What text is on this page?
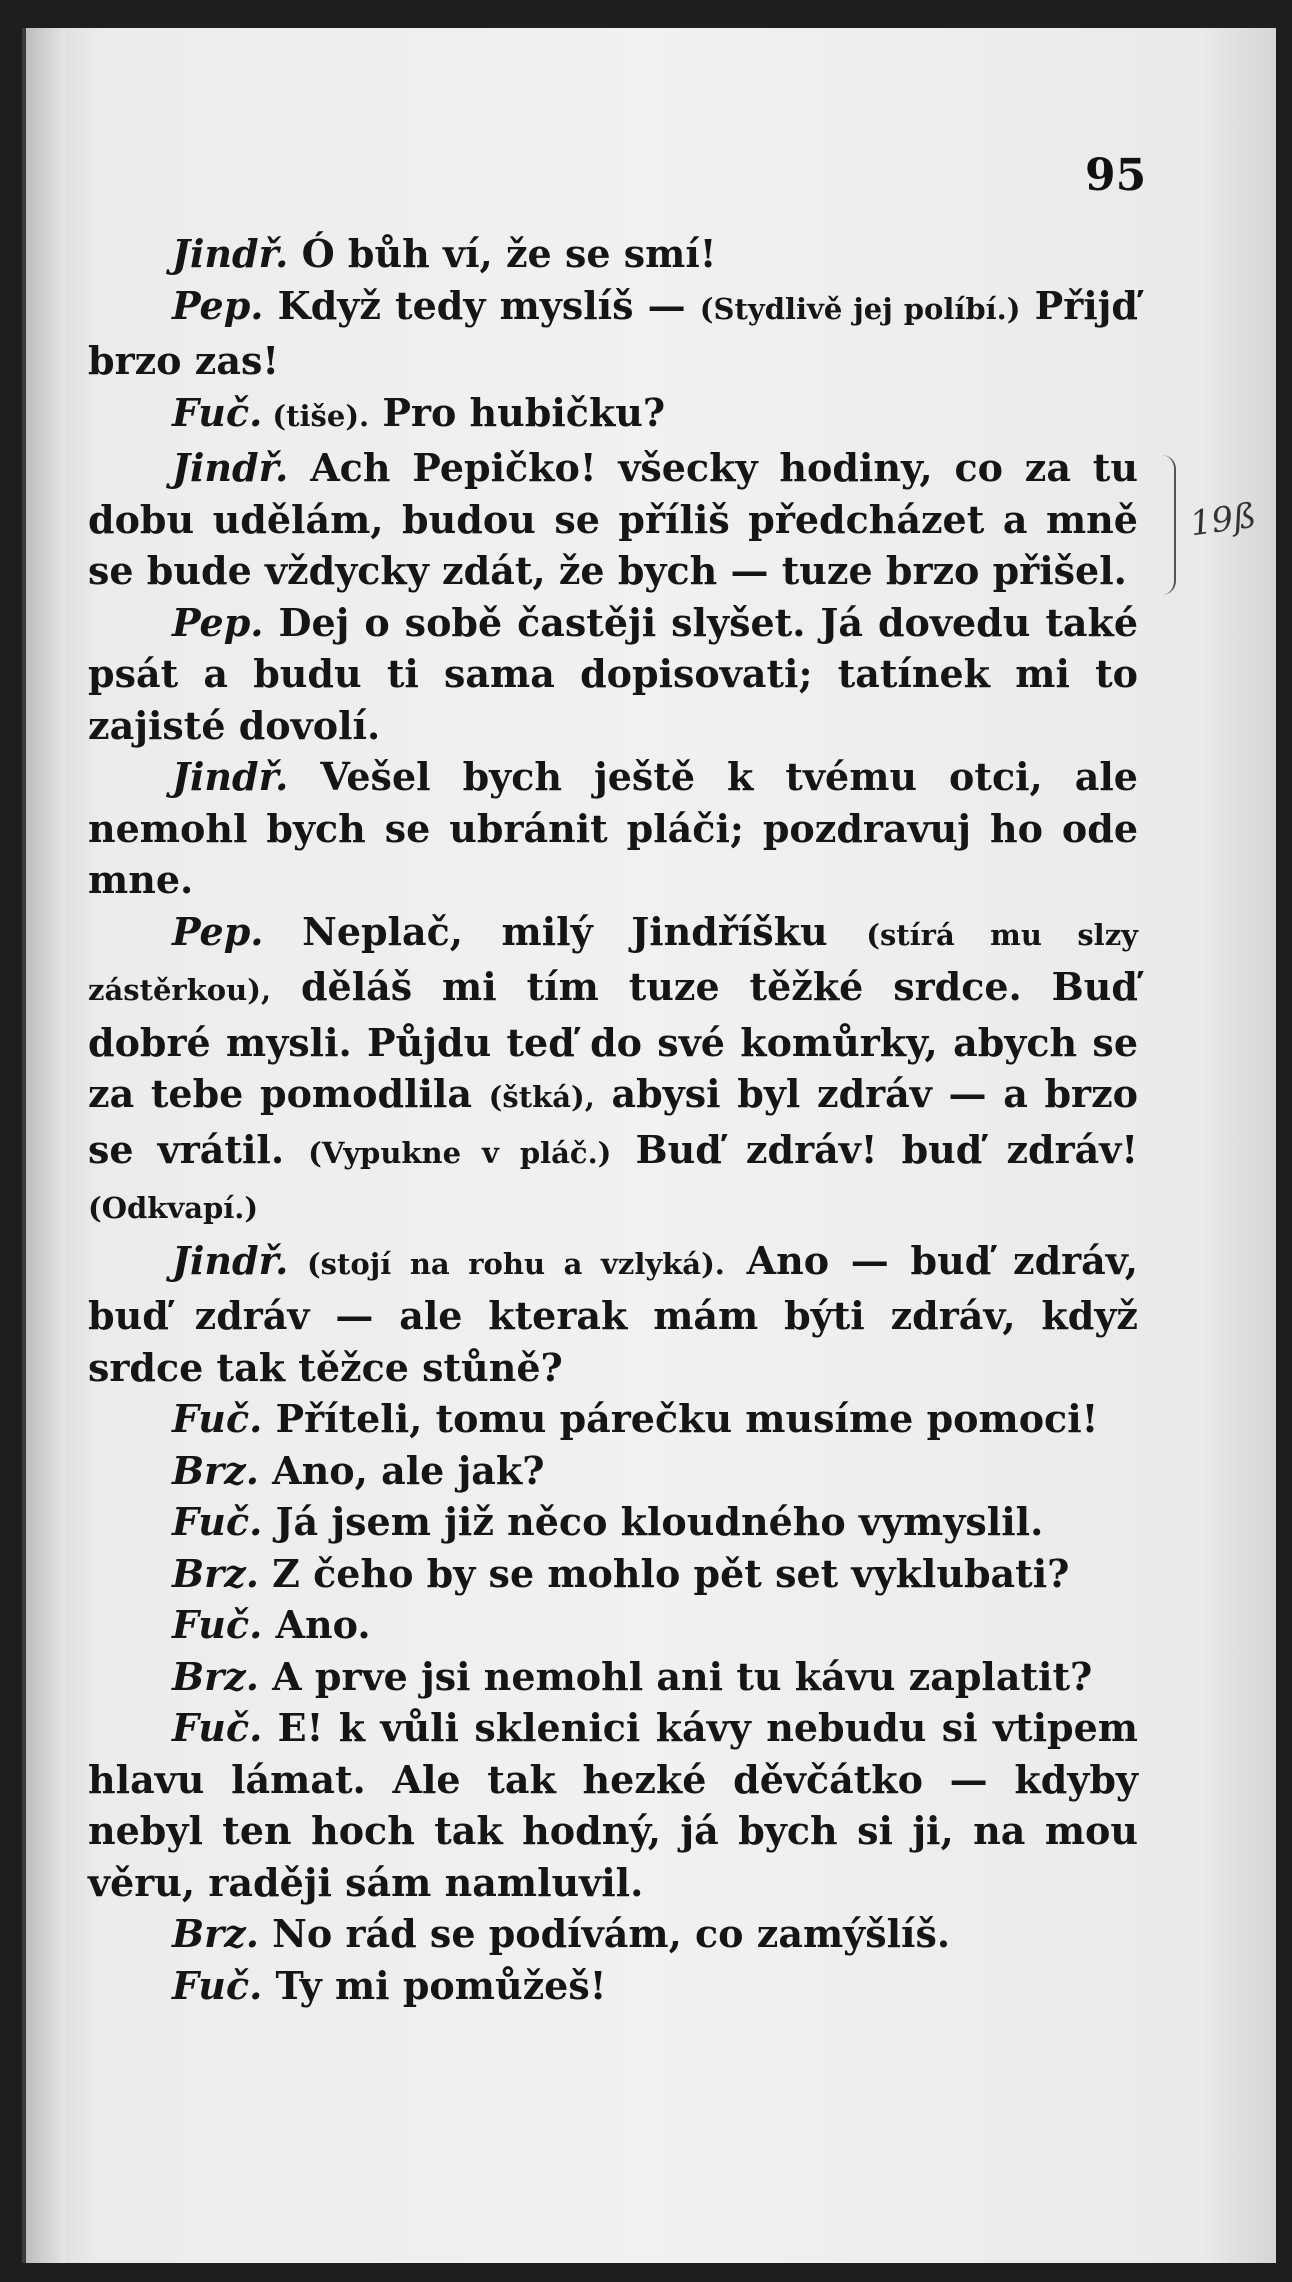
95
19ß

Jindř. Ó bůh ví, že se smí!

Pep. Když tedy myslíš — (Stydlivě jej políbí.) Přijď brzo zas!

Fuč. (tiše). Pro hubičku?

Jindř. Ach Pepičko! všecky hodiny, co za tu dobu udělám, budou se příliš předcházet a mně se bude vždycky zdát, že bych — tuze brzo přišel.

Pep. Dej o sobě častěji slyšet. Já dovedu také psát a budu ti sama dopisovati; tatínek mi to zajisté dovolí.

Jindř. Vešel bych ještě k tvému otci, ale nemohl bych se ubránit pláči; pozdravuj ho ode mne.

Pep. Neplač, milý Jindříšku (stírá mu slzy zástěrkou), děláš mi tím tuze těžké srdce. Buď dobré mysli. Půjdu teď do své komůrky, abych se za tebe pomodlila (štká), abysi byl zdráv — a brzo se vrátil. (Vypukne v pláč.) Buď zdráv! buď zdráv! (Odkvapí.)

Jindř. (stojí na rohu a vzlyká). Ano — buď zdráv, buď zdráv — ale kterak mám býti zdráv, když srdce tak těžce stůně?

Fuč. Příteli, tomu párečku musíme pomoci!

Brz. Ano, ale jak?

Fuč. Já jsem již něco kloudného vymyslil.

Brz. Z čeho by se mohlo pět set vyklubati?

Fuč. Ano.

Brz. A prve jsi nemohl ani tu kávu zaplatit?

Fuč. E! k vůli sklenici kávy nebudu si vtipem hlavu lámat. Ale tak hezké děvčátko — kdyby nebyl ten hoch tak hodný, já bych si ji, na mou věru, raději sám namluvil.

Brz. No rád se podívám, co zamýšlíš.

Fuč. Ty mi pomůžeš!
